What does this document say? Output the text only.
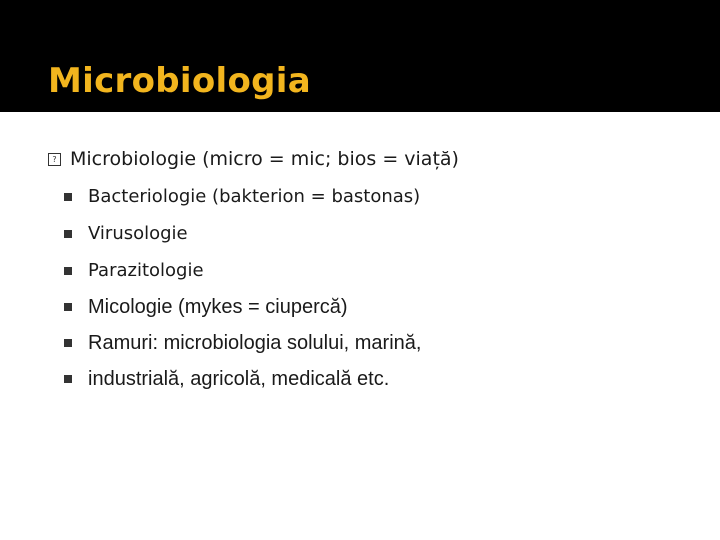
Microbiologia
? Microbiologie (micro = mic; bios = viață)
Bacteriologie (bakterion = bastonas)
Virusologie
Parazitologie
Micologie (mykes = ciupercă)
Ramuri: microbiologia solului, marină,
industrială, agricolă, medicală etc.
